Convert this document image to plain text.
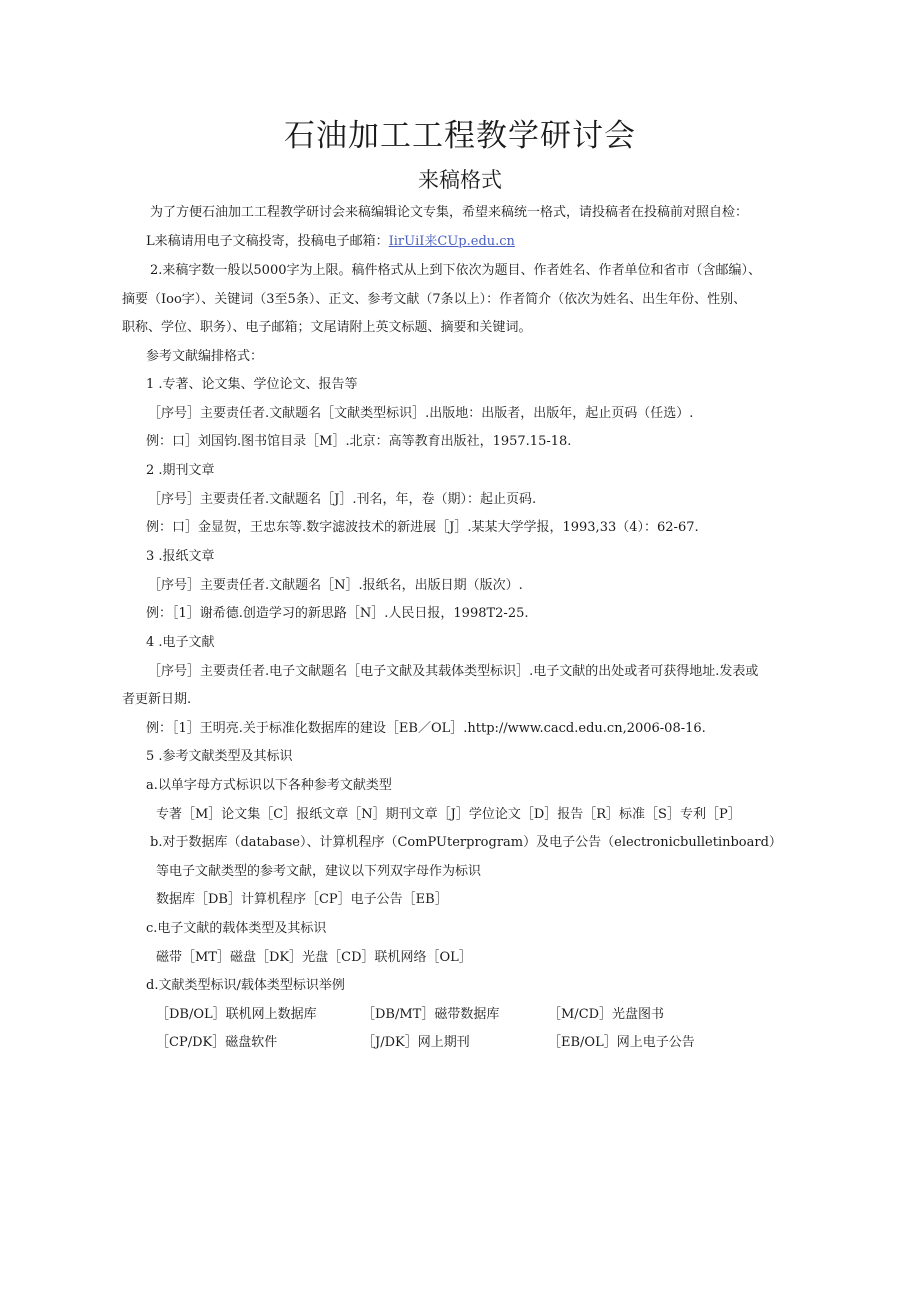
石油加工工程教学研讨会
来稿格式
为了方便石油加工工程教学研讨会来稿编辑论文专集，希望来稿统一格式，请投稿者在投稿前对照自检：
L来稿请用电子文稿投寄，投稿电子邮箱：IirUiI来CUp.edu.cn
2.来稿字数一般以5000字为上限。稿件格式从上到下依次为题目、作者姓名、作者单位和省市（含邮编）、
摘要（Ioo字）、关键词（3至5条）、正文、参考文献（7条以上）：作者简介（依次为姓名、出生年份、性别、
职称、学位、职务）、电子邮箱；文尾请附上英文标题、摘要和关键词。
参考文献编排格式：
1 .专著、论文集、学位论文、报告等
［序号］主要责任者.文献题名［文献类型标识］.出版地：出版者，出版年，起止页码（任选）.
例：口］刘国钧.图书馆目录［M］.北京：高等教育出版社，1957.15-18.
2 .期刊文章
［序号］主要责任者.文献题名［J］.刊名，年，卷（期）：起止页码.
例：口］金显贺，王忠东等.数字滤波技术的新进展［J］.某某大学学报，1993,33（4）：62-67.
3 .报纸文章
［序号］主要责任者.文献题名［N］.报纸名，出版日期（版次）.
例：［1］谢希德.创造学习的新思路［N］.人民日报，1998T2-25.
4 .电子文献
［序号］主要责任者.电子文献题名［电子文献及其载体类型标识］.电子文献的出处或者可获得地址.发表或
者更新日期.
例：［1］王明亮.关于标准化数据库的建设［EB／OL］.http://www.cacd.edu.cn,2006-08-16.
5 .参考文献类型及其标识
a.以单字母方式标识以下各种参考文献类型
专著［M］论文集［C］报纸文章［N］期刊文章［J］学位论文［D］报告［R］标准［S］专利［P］
b.对于数据库（database）、计算机程序（ComPUterprogram）及电子公告（electronicbulletinboard）
等电子文献类型的参考文献，建议以下列双字母作为标识
数据库［DB］计算机程序［CP］电子公告［EB］
c.电子文献的载体类型及其标识
磁带［MT］磁盘［DK］光盘［CD］联机网络［OL］
d.文献类型标识/载体类型标识举例
［DB/OL］联机网上数据库	［DB/MT］磁带数据库	［M/CD］光盘图书
［CP/DK］磁盘软件	［J/DK］网上期刊	［EB/OL］网上电子公告
